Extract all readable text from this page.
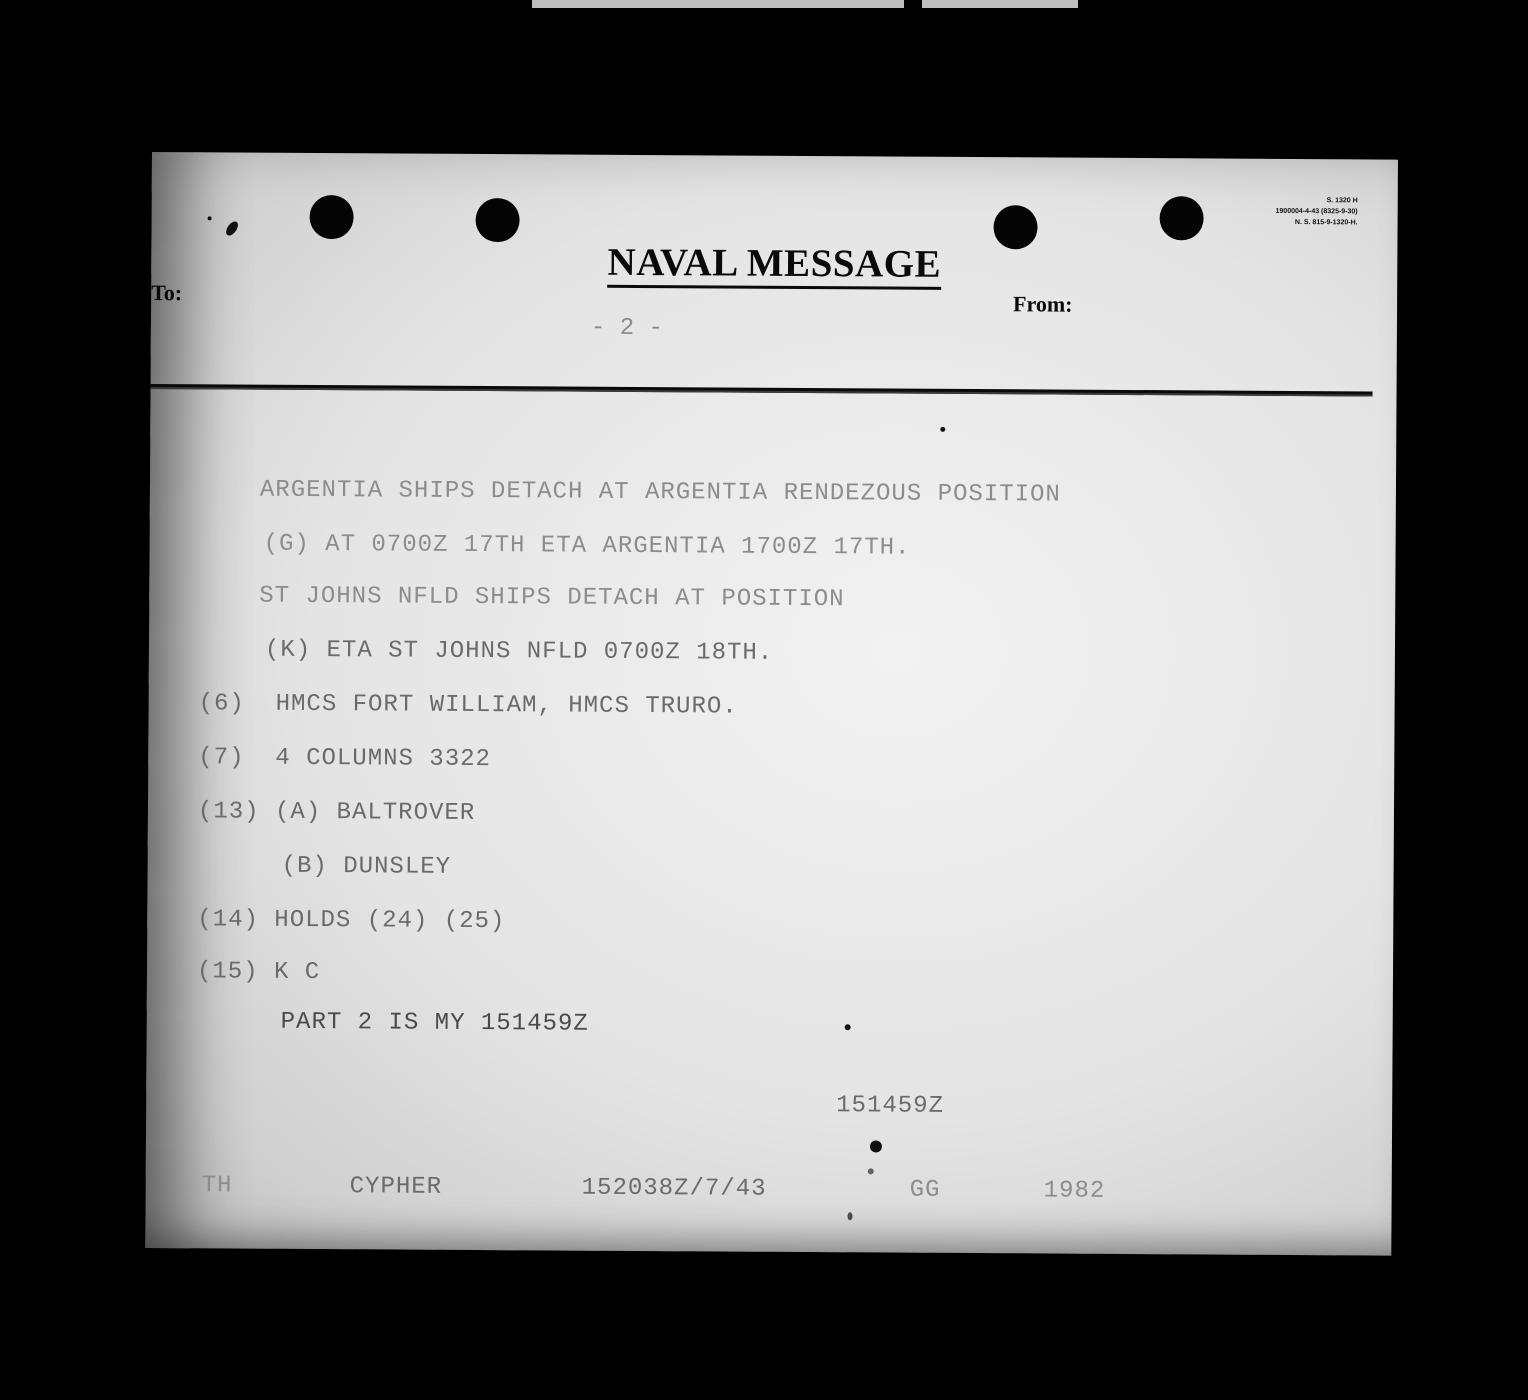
S. 1320 H
1900004-4-43 (8325-9-30)
N. S. 815-9-1320-H.
NAVAL MESSAGE
To:	From:
- 2 -
ARGENTIA SHIPS DETACH AT ARGENTIA RENDEZOUS POSITION
(G) AT 0700Z 17TH ETA ARGENTIA 1700Z 17TH.
ST JOHNS NFLD SHIPS DETACH AT POSITION
(K) ETA ST JOHNS NFLD 0700Z 18TH.
(6)  HMCS FORT WILLIAM, HMCS TRURO.
(7)  4 COLUMNS 3322
(13) (A) BALTROVER
(B) DUNSLEY
(14) HOLDS (24) (25)
(15) K C
PART 2 IS MY 151459Z
151459Z
TH	CYPHER	152038Z/7/43	GG	1982
